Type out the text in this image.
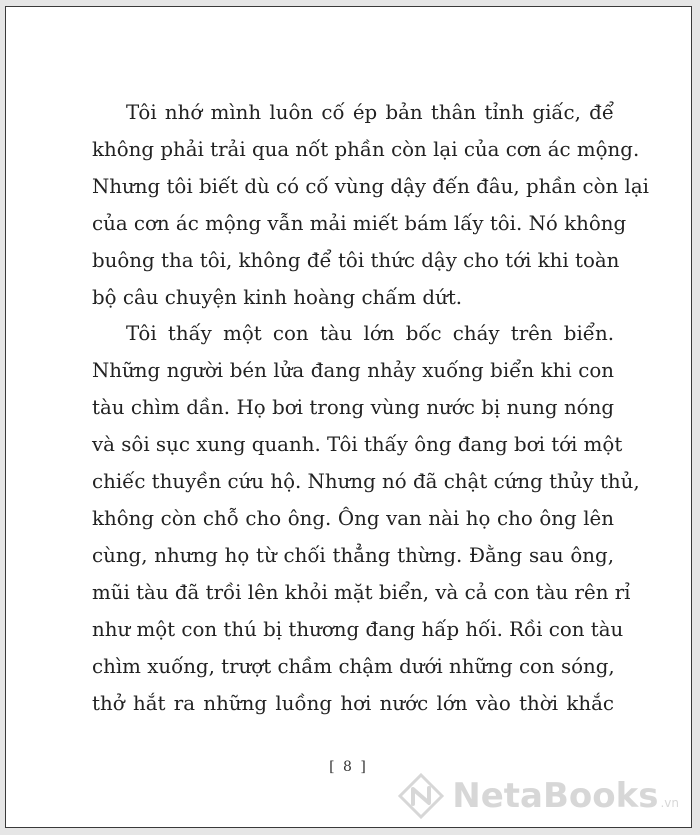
Tôi nhớ mình luôn cố ép bản thân tỉnh giấc, để
không phải trải qua nốt phần còn lại của cơn ác mộng.
Nhưng tôi biết dù có cố vùng dậy đến đâu, phần còn lại
của cơn ác mộng vẫn mải miết bám lấy tôi. Nó không
buông tha tôi, không để tôi thức dậy cho tới khi toàn
bộ câu chuyện kinh hoàng chấm dứt.

Tôi thấy một con tàu lớn bốc cháy trên biển.
Những người bén lửa đang nhảy xuống biển khi con
tàu chìm dần. Họ bơi trong vùng nước bị nung nóng
và sôi sục xung quanh. Tôi thấy ông đang bơi tới một
chiếc thuyền cứu hộ. Nhưng nó đã chật cứng thủy thủ,
không còn chỗ cho ông. Ông van nài họ cho ông lên
cùng, nhưng họ từ chối thẳng thừng. Đằng sau ông,
mũi tàu đã trồi lên khỏi mặt biển, và cả con tàu rên rỉ
như một con thú bị thương đang hấp hối. Rồi con tàu
chìm xuống, trượt chầm chậm dưới những con sóng,
thở hắt ra những luồng hơi nước lớn vào thời khắc

[ 8 ]
NetaBooks .vn
